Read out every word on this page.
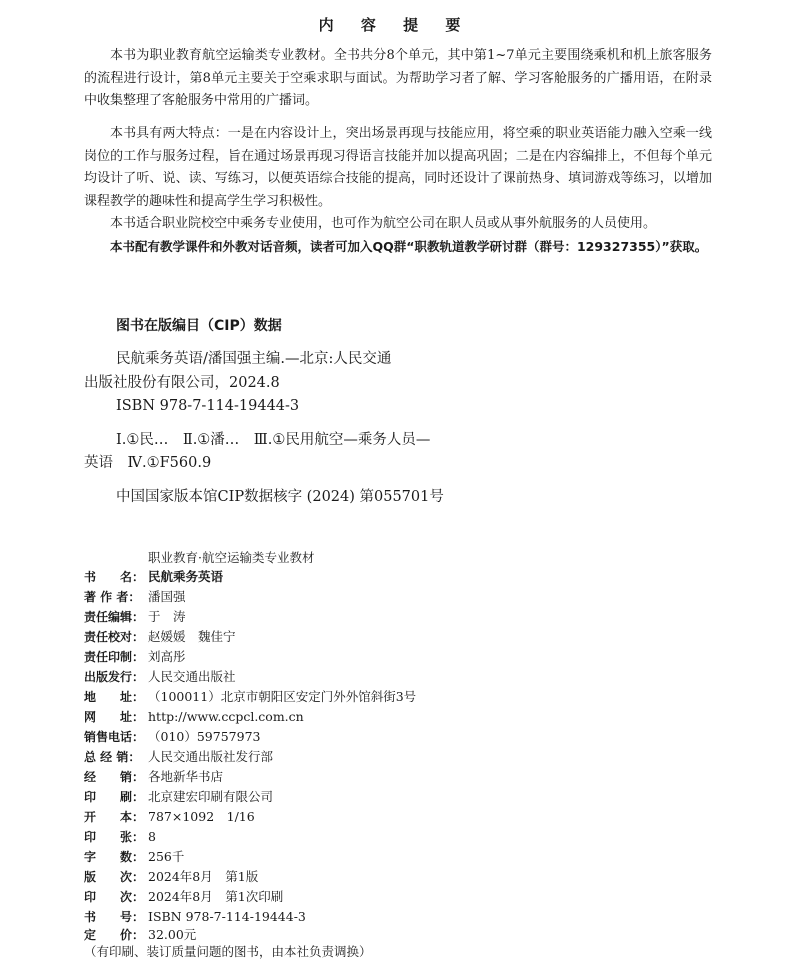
内 容 提 要

本书为职业教育航空运输类专业教材。全书共分8个单元，其中第1~7单元主要围绕乘机和机上旅客服务的流程进行设计，第8单元主要关于空乘求职与面试。为帮助学习者了解、学习客舱服务的广播用语，在附录中收集整理了客舱服务中常用的广播词。

本书具有两大特点：一是在内容设计上，突出场景再现与技能应用，将空乘的职业英语能力融入空乘一线岗位的工作与服务过程，旨在通过场景再现习得语言技能并加以提高巩固；二是在内容编排上，不但每个单元均设计了听、说、读、写练习，以便英语综合技能的提高，同时还设计了课前热身、填词游戏等练习，以增加课程教学的趣味性和提高学生学习积极性。

本书适合职业院校空中乘务专业使用，也可作为航空公司在职人员或从事外航服务的人员使用。

本书配有教学课件和外教对话音频，读者可加入QQ群“职教轨道教学研讨群（群号：129327355）”获取。

图书在版编目（CIP）数据
民航乘务英语/潘国强主编.—北京:人民交通
出版社股份有限公司，2024.8
ISBN 978-7-114-19444-3
Ⅰ.①民…　Ⅱ.①潘…　Ⅲ.①民用航空—乘务人员—
英语　Ⅳ.①F560.9
中国国家版本馆CIP数据核字 (2024) 第055701号
职业教育·航空运输类专业教材
书　　名： 民航乘务英语
著 作 者： 潘国强
责任编辑： 于　涛
责任校对： 赵媛媛　魏佳宁
责任印制： 刘高彤
出版发行： 人民交通出版社
地　　址： （100011）北京市朝阳区安定门外外馆斜街3号
网　　址： http://www.ccpcl.com.cn
销售电话： （010）59757973
总 经 销： 人民交通出版社发行部
经　　销： 各地新华书店
印　　刷： 北京建宏印刷有限公司
开　　本： 787×1092　1/16
印　　张： 8
字　　数： 256千
版　　次： 2024年8月　第1版
印　　次： 2024年8月　第1次印刷
书　　号： ISBN 978-7-114-19444-3
定　　价： 32.00元
（有印刷、装订质量问题的图书，由本社负责调换）
